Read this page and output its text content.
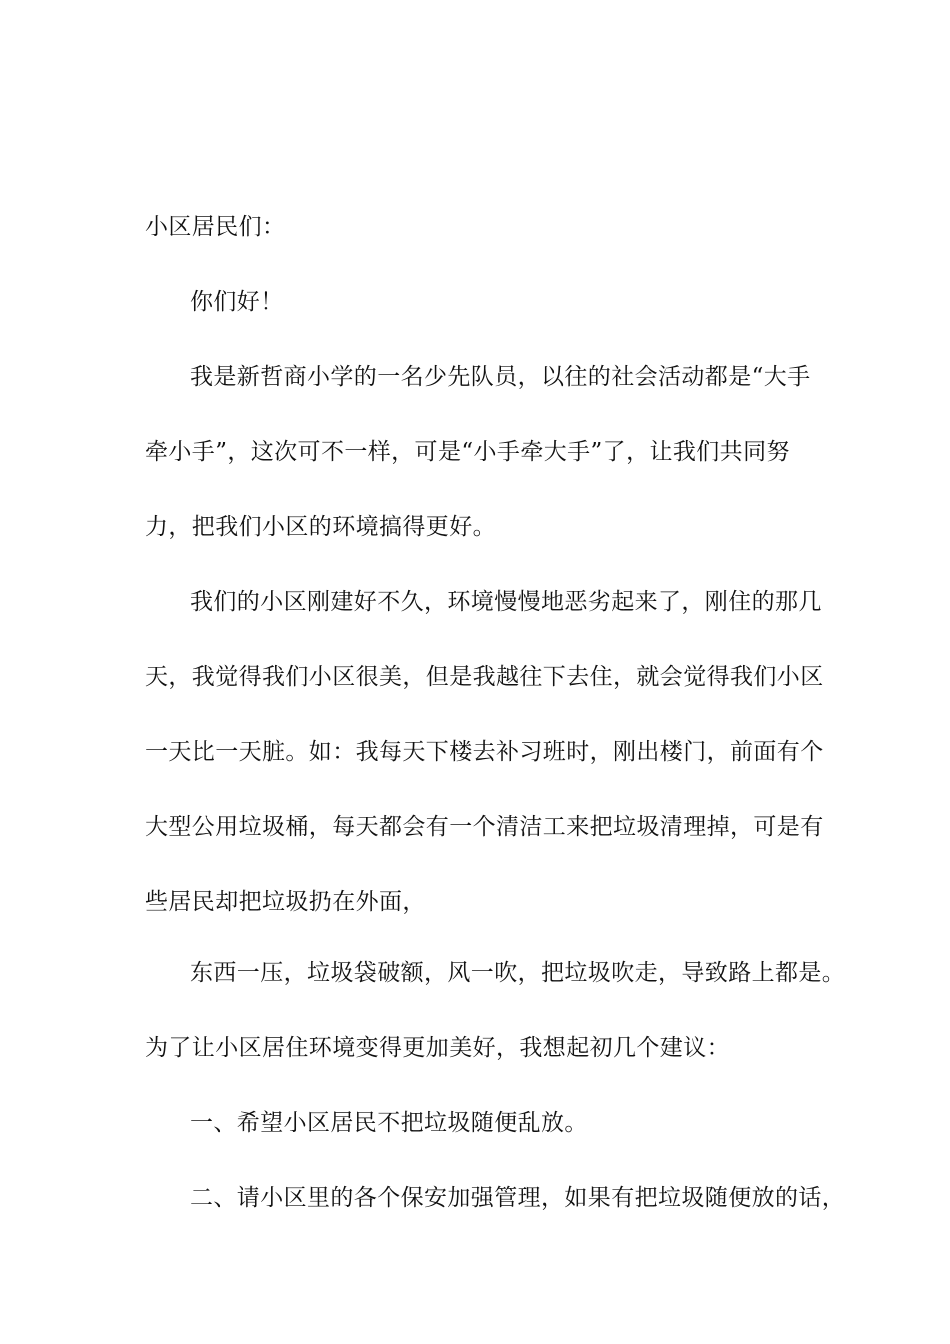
小区居民们：
你们好！
我是新哲商小学的一名少先队员，以往的社会活动都是“大手
牵小手”，这次可不一样，可是“小手牵大手”了，让我们共同努
力，把我们小区的环境搞得更好。
我们的小区刚建好不久，环境慢慢地恶劣起来了，刚住的那几
天，我觉得我们小区很美，但是我越往下去住，就会觉得我们小区
一天比一天脏。如：我每天下楼去补习班时，刚出楼门，前面有个
大型公用垃圾桶，每天都会有一个清洁工来把垃圾清理掉，可是有
些居民却把垃圾扔在外面，
东西一压，垃圾袋破额，风一吹，把垃圾吹走，导致路上都是。
为了让小区居住环境变得更加美好，我想起初几个建议：
一、希望小区居民不把垃圾随便乱放。
二、请小区里的各个保安加强管理，如果有把垃圾随便放的话，
